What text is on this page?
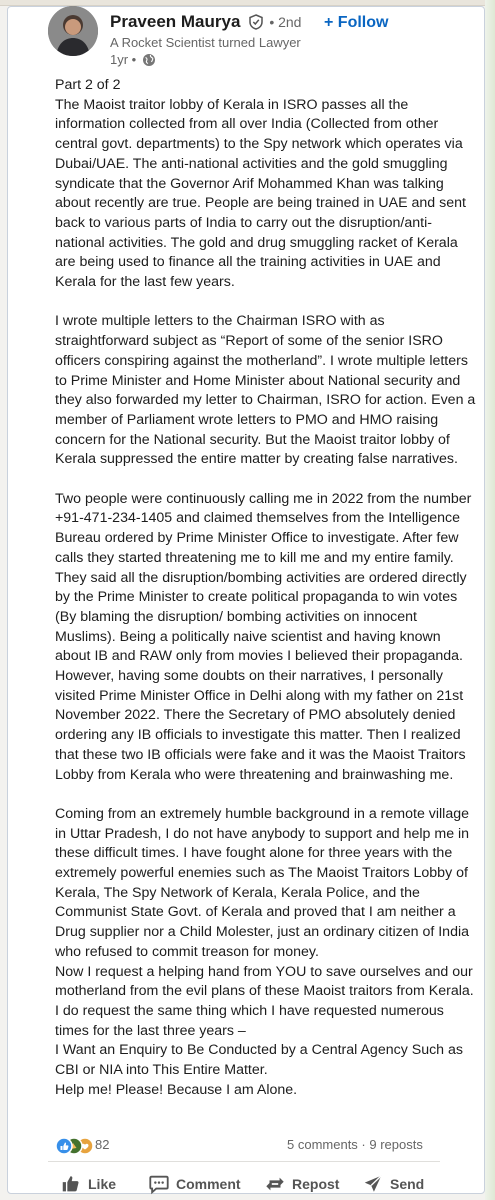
Praveen Maurya • 2nd
A Rocket Scientist turned Lawyer
1yr •
+ Follow

Part 2 of 2

The Maoist traitor lobby of Kerala in ISRO passes all the information collected from all over India (Collected from other central govt. departments) to the Spy network which operates via Dubai/UAE. The anti-national activities and the gold smuggling syndicate that the Governor Arif Mohammed Khan was talking about recently are true. People are being trained in UAE and sent back to various parts of India to carry out the disruption/anti-national activities. The gold and drug smuggling racket of Kerala are being used to finance all the training activities in UAE and Kerala for the last few years.

I wrote multiple letters to the Chairman ISRO with as straightforward subject as “Report of some of the senior ISRO officers conspiring against the motherland”. I wrote multiple letters to Prime Minister and Home Minister about National security and they also forwarded my letter to Chairman, ISRO for action. Even a member of Parliament wrote letters to PMO and HMO raising concern for the National security. But the Maoist traitor lobby of Kerala suppressed the entire matter by creating false narratives.

Two people were continuously calling me in 2022 from the number +91-471-234-1405 and claimed themselves from the Intelligence Bureau ordered by Prime Minister Office to investigate. After few calls they started threatening me to kill me and my entire family. They said all the disruption/bombing activities are ordered directly by the Prime Minister to create political propaganda to win votes (By blaming the disruption/ bombing activities on innocent Muslims). Being a politically naive scientist and having known about IB and RAW only from movies I believed their propaganda. However, having some doubts on their narratives, I personally visited Prime Minister Office in Delhi along with my father on 21st November 2022. There the Secretary of PMO absolutely denied ordering any IB officials to investigate this matter. Then I realized that these two IB officials were fake and it was the Maoist Traitors Lobby from Kerala who were threatening and brainwashing me.

Coming from an extremely humble background in a remote village in Uttar Pradesh, I do not have anybody to support and help me in these difficult times. I have fought alone for three years with the extremely powerful enemies such as The Maoist Traitors Lobby of Kerala, The Spy Network of Kerala, Kerala Police, and the Communist State Govt. of Kerala and proved that I am neither a Drug supplier nor a Child Molester, just an ordinary citizen of India who refused to commit treason for money.

Now I request a helping hand from YOU to save ourselves and our motherland from the evil plans of these Maoist traitors from Kerala. I do request the same thing which I have requested numerous times for the last three years –

I Want an Enquiry to Be Conducted by a Central Agency Such as CBI or NIA into This Entire Matter.

Help me! Please! Because I am Alone.

82	5 comments · 9 reposts
Like	Comment	Repost	Send
